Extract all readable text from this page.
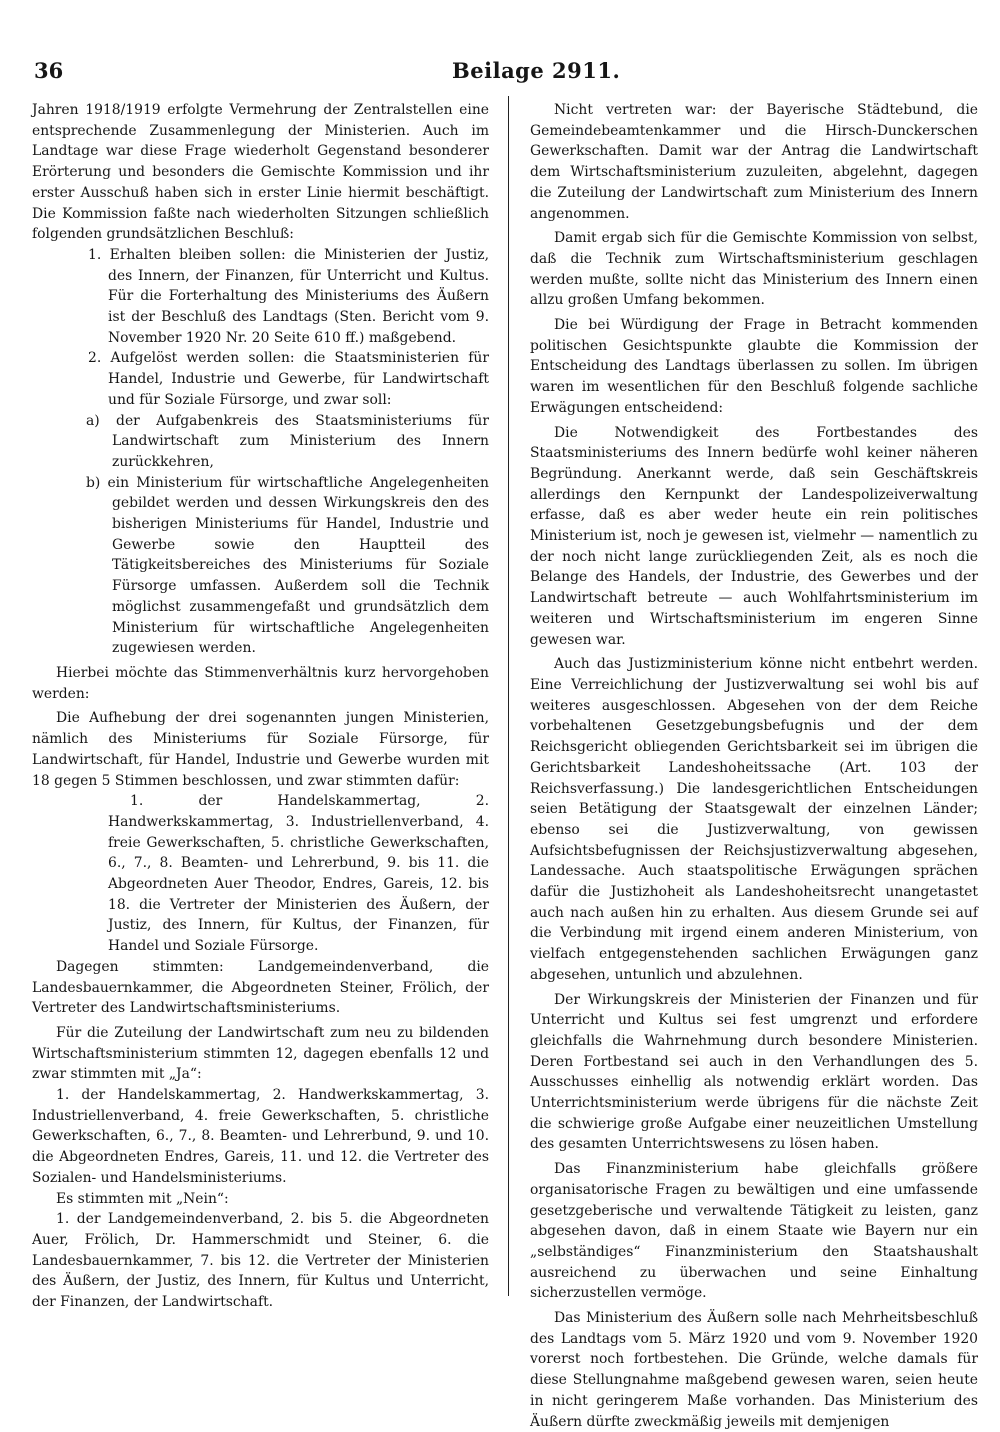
36	Beilage 2911.

Jahren 1918/1919 erfolgte Vermehrung der Zentralstellen eine entsprechende Zusammenlegung der Ministerien. Auch im Landtage war diese Frage wiederholt Gegenstand besonderer Erörterung und besonders die Gemischte Kommission und ihr erster Ausschuß haben sich in erster Linie hiermit beschäftigt. Die Kommission faßte nach wiederholten Sitzungen schließlich folgenden grundsätzlichen Beschluß:

1. Erhalten bleiben sollen: die Ministerien der Justiz, des Innern, der Finanzen, für Unterricht und Kultus. Für die Forterhaltung des Ministeriums des Äußern ist der Beschluß des Landtags (Sten. Bericht vom 9. November 1920 Nr. 20 Seite 610 ff.) maßgebend.

2. Aufgelöst werden sollen: die Staatsministerien für Handel, Industrie und Gewerbe, für Landwirtschaft und für Soziale Fürsorge, und zwar soll:

a) der Aufgabenkreis des Staatsministeriums für Landwirtschaft zum Ministerium des Innern zurückkehren,

b) ein Ministerium für wirtschaftliche Angelegenheiten gebildet werden und dessen Wirkungskreis den des bisherigen Ministeriums für Handel, Industrie und Gewerbe sowie den Hauptteil des Tätigkeitsbereiches des Ministeriums für Soziale Fürsorge umfassen. Außerdem soll die Technik möglichst zusammengefaßt und grundsätzlich dem Ministerium für wirtschaftliche Angelegenheiten zugewiesen werden.

Hierbei möchte das Stimmenverhältnis kurz hervorgehoben werden:

Die Aufhebung der drei sogenannten jungen Ministerien, nämlich des Ministeriums für Soziale Fürsorge, für Landwirtschaft, für Handel, Industrie und Gewerbe wurden mit 18 gegen 5 Stimmen beschlossen, und zwar stimmten dafür:

1. der Handelskammertag, 2. Handwerkskammertag, 3. Industriellenverband, 4. freie Gewerkschaften, 5. christliche Gewerkschaften, 6., 7., 8. Beamten- und Lehrerbund, 9. bis 11. die Abgeordneten Auer Theodor, Endres, Gareis, 12. bis 18. die Vertreter der Ministerien des Äußern, der Justiz, des Innern, für Kultus, der Finanzen, für Handel und Soziale Fürsorge.

Dagegen stimmten: Landgemeindenverband, die Landesbauernkammer, die Abgeordneten Steiner, Frölich, der Vertreter des Landwirtschaftsministeriums.

Für die Zuteilung der Landwirtschaft zum neu zu bildenden Wirtschaftsministerium stimmten 12, dagegen ebenfalls 12 und zwar stimmten mit „Ja“:

1. der Handelskammertag, 2. Handwerkskammertag, 3. Industriellenverband, 4. freie Gewerkschaften, 5. christliche Gewerkschaften, 6., 7., 8. Beamten- und Lehrerbund, 9. und 10. die Abgeordneten Endres, Gareis, 11. und 12. die Vertreter des Sozialen- und Handelsministeriums.

Es stimmten mit „Nein“:

1. der Landgemeindenverband, 2. bis 5. die Abgeordneten Auer, Frölich, Dr. Hammerschmidt und Steiner, 6. die Landesbauernkammer, 7. bis 12. die Vertreter der Ministerien des Äußern, der Justiz, des Innern, für Kultus und Unterricht, der Finanzen, der Landwirtschaft.

Nicht vertreten war: der Bayerische Städtebund, die Gemeindebeamtenkammer und die Hirsch-Dunckerschen Gewerkschaften. Damit war der Antrag die Landwirtschaft dem Wirtschaftsministerium zuzuleiten, abgelehnt, dagegen die Zuteilung der Landwirtschaft zum Ministerium des Innern angenommen.

Damit ergab sich für die Gemischte Kommission von selbst, daß die Technik zum Wirtschaftsministerium geschlagen werden mußte, sollte nicht das Ministerium des Innern einen allzu großen Umfang bekommen.

Die bei Würdigung der Frage in Betracht kommenden politischen Gesichtspunkte glaubte die Kommission der Entscheidung des Landtags überlassen zu sollen. Im übrigen waren im wesentlichen für den Beschluß folgende sachliche Erwägungen entscheidend:

Die Notwendigkeit des Fortbestandes des Staatsministeriums des Innern bedürfe wohl keiner näheren Begründung. Anerkannt werde, daß sein Geschäftskreis allerdings den Kernpunkt der Landespolizeiverwaltung erfasse, daß es aber weder heute ein rein politisches Ministerium ist, noch je gewesen ist, vielmehr — namentlich zu der noch nicht lange zurückliegenden Zeit, als es noch die Belange des Handels, der Industrie, des Gewerbes und der Landwirtschaft betreute — auch Wohlfahrtsministerium im weiteren und Wirtschaftsministerium im engeren Sinne gewesen war.

Auch das Justizministerium könne nicht entbehrt werden. Eine Verreichlichung der Justizverwaltung sei wohl bis auf weiteres ausgeschlossen. Abgesehen von der dem Reiche vorbehaltenen Gesetzgebungsbefugnis und der dem Reichsgericht obliegenden Gerichtsbarkeit sei im übrigen die Gerichtsbarkeit Landeshoheitssache (Art. 103 der Reichsverfassung.) Die landesgerichtlichen Entscheidungen seien Betätigung der Staatsgewalt der einzelnen Länder; ebenso sei die Justizverwaltung, von gewissen Aufsichtsbefugnissen der Reichsjustizverwaltung abgesehen, Landessache. Auch staatspolitische Erwägungen sprächen dafür die Justizhoheit als Landeshoheitsrecht unangetastet auch nach außen hin zu erhalten. Aus diesem Grunde sei auf die Verbindung mit irgend einem anderen Ministerium, von vielfach entgegenstehenden sachlichen Erwägungen ganz abgesehen, untunlich und abzulehnen.

Der Wirkungskreis der Ministerien der Finanzen und für Unterricht und Kultus sei fest umgrenzt und erfordere gleichfalls die Wahrnehmung durch besondere Ministerien. Deren Fortbestand sei auch in den Verhandlungen des 5. Ausschusses einhellig als notwendig erklärt worden. Das Unterrichtsministerium werde übrigens für die nächste Zeit die schwierige große Aufgabe einer neuzeitlichen Umstellung des gesamten Unterrichtswesens zu lösen haben.

Das Finanzministerium habe gleichfalls größere organisatorische Fragen zu bewältigen und eine umfassende gesetzgeberische und verwaltende Tätigkeit zu leisten, ganz abgesehen davon, daß in einem Staate wie Bayern nur ein „selbständiges“ Finanzministerium den Staatshaushalt ausreichend zu überwachen und seine Einhaltung sicherzustellen vermöge.

Das Ministerium des Äußern solle nach Mehrheitsbeschluß des Landtags vom 5. März 1920 und vom 9. November 1920 vorerst noch fortbestehen. Die Gründe, welche damals für diese Stellungnahme maßgebend gewesen waren, seien heute in nicht geringerem Maße vorhanden. Das Ministerium des Äußern dürfte zweckmäßig jeweils mit demjenigen
